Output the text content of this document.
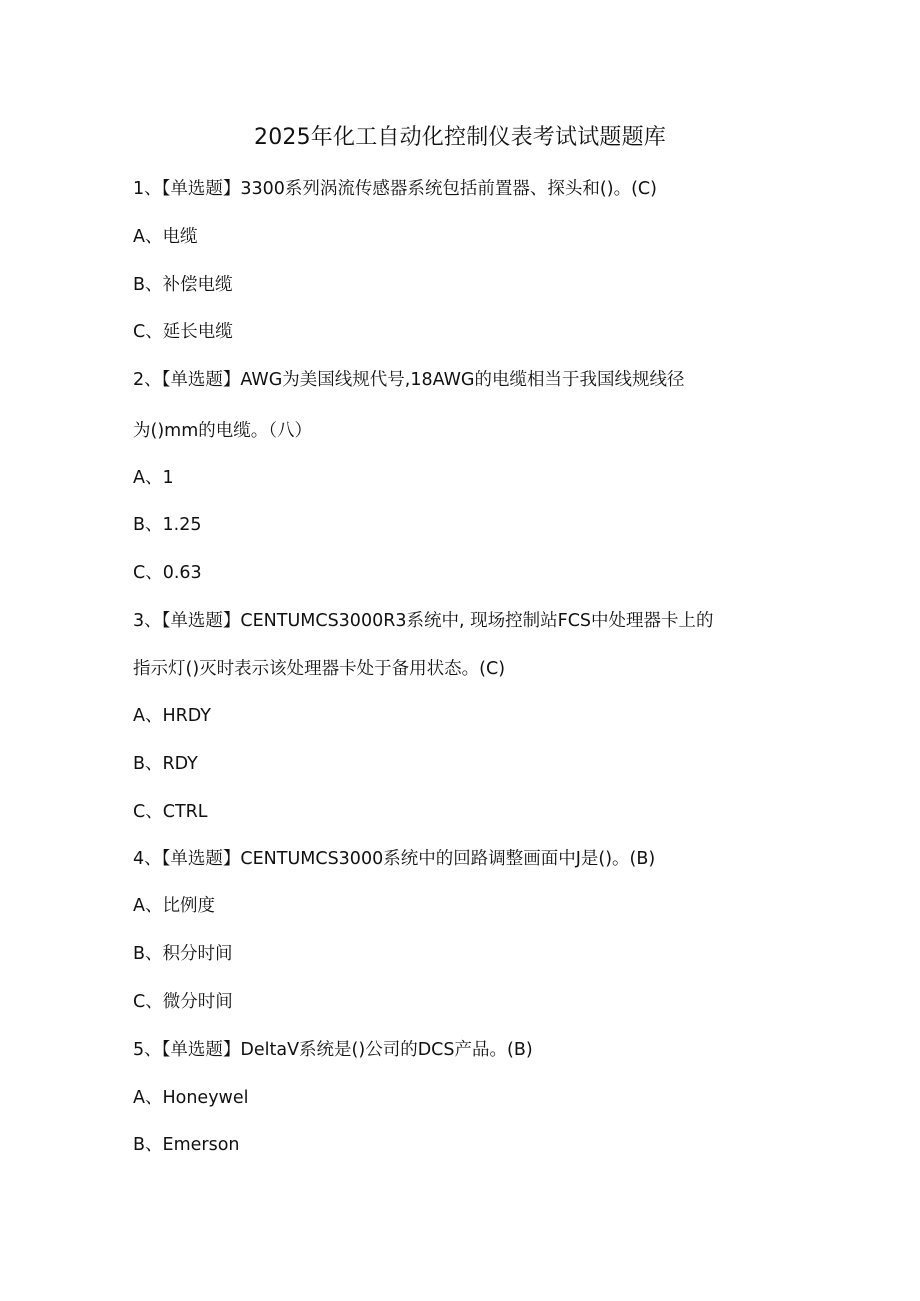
2025年化工自动化控制仪表考试试题题库
1、【单选题】3300系列涡流传感器系统包括前置器、探头和()。(C)
A、电缆
B、补偿电缆
C、延长电缆
2、【单选题】AWG为美国线规代号,18AWG的电缆相当于我国线规线径
为()mm的电缆。（八）
A、1
B、1.25
C、0.63
3、【单选题】CENTUMCS3000R3系统中, 现场控制站FCS中处理器卡上的
指示灯()灭时表示该处理器卡处于备用状态。(C)
A、HRDY
B、RDY
C、CTRL
4、【单选题】CENTUMCS3000系统中的回路调整画面中J是()。(B)
A、比例度
B、积分时间
C、微分时间
5、【单选题】DeltaV系统是()公司的DCS产品。(B)
A、Honeywel
B、Emerson
